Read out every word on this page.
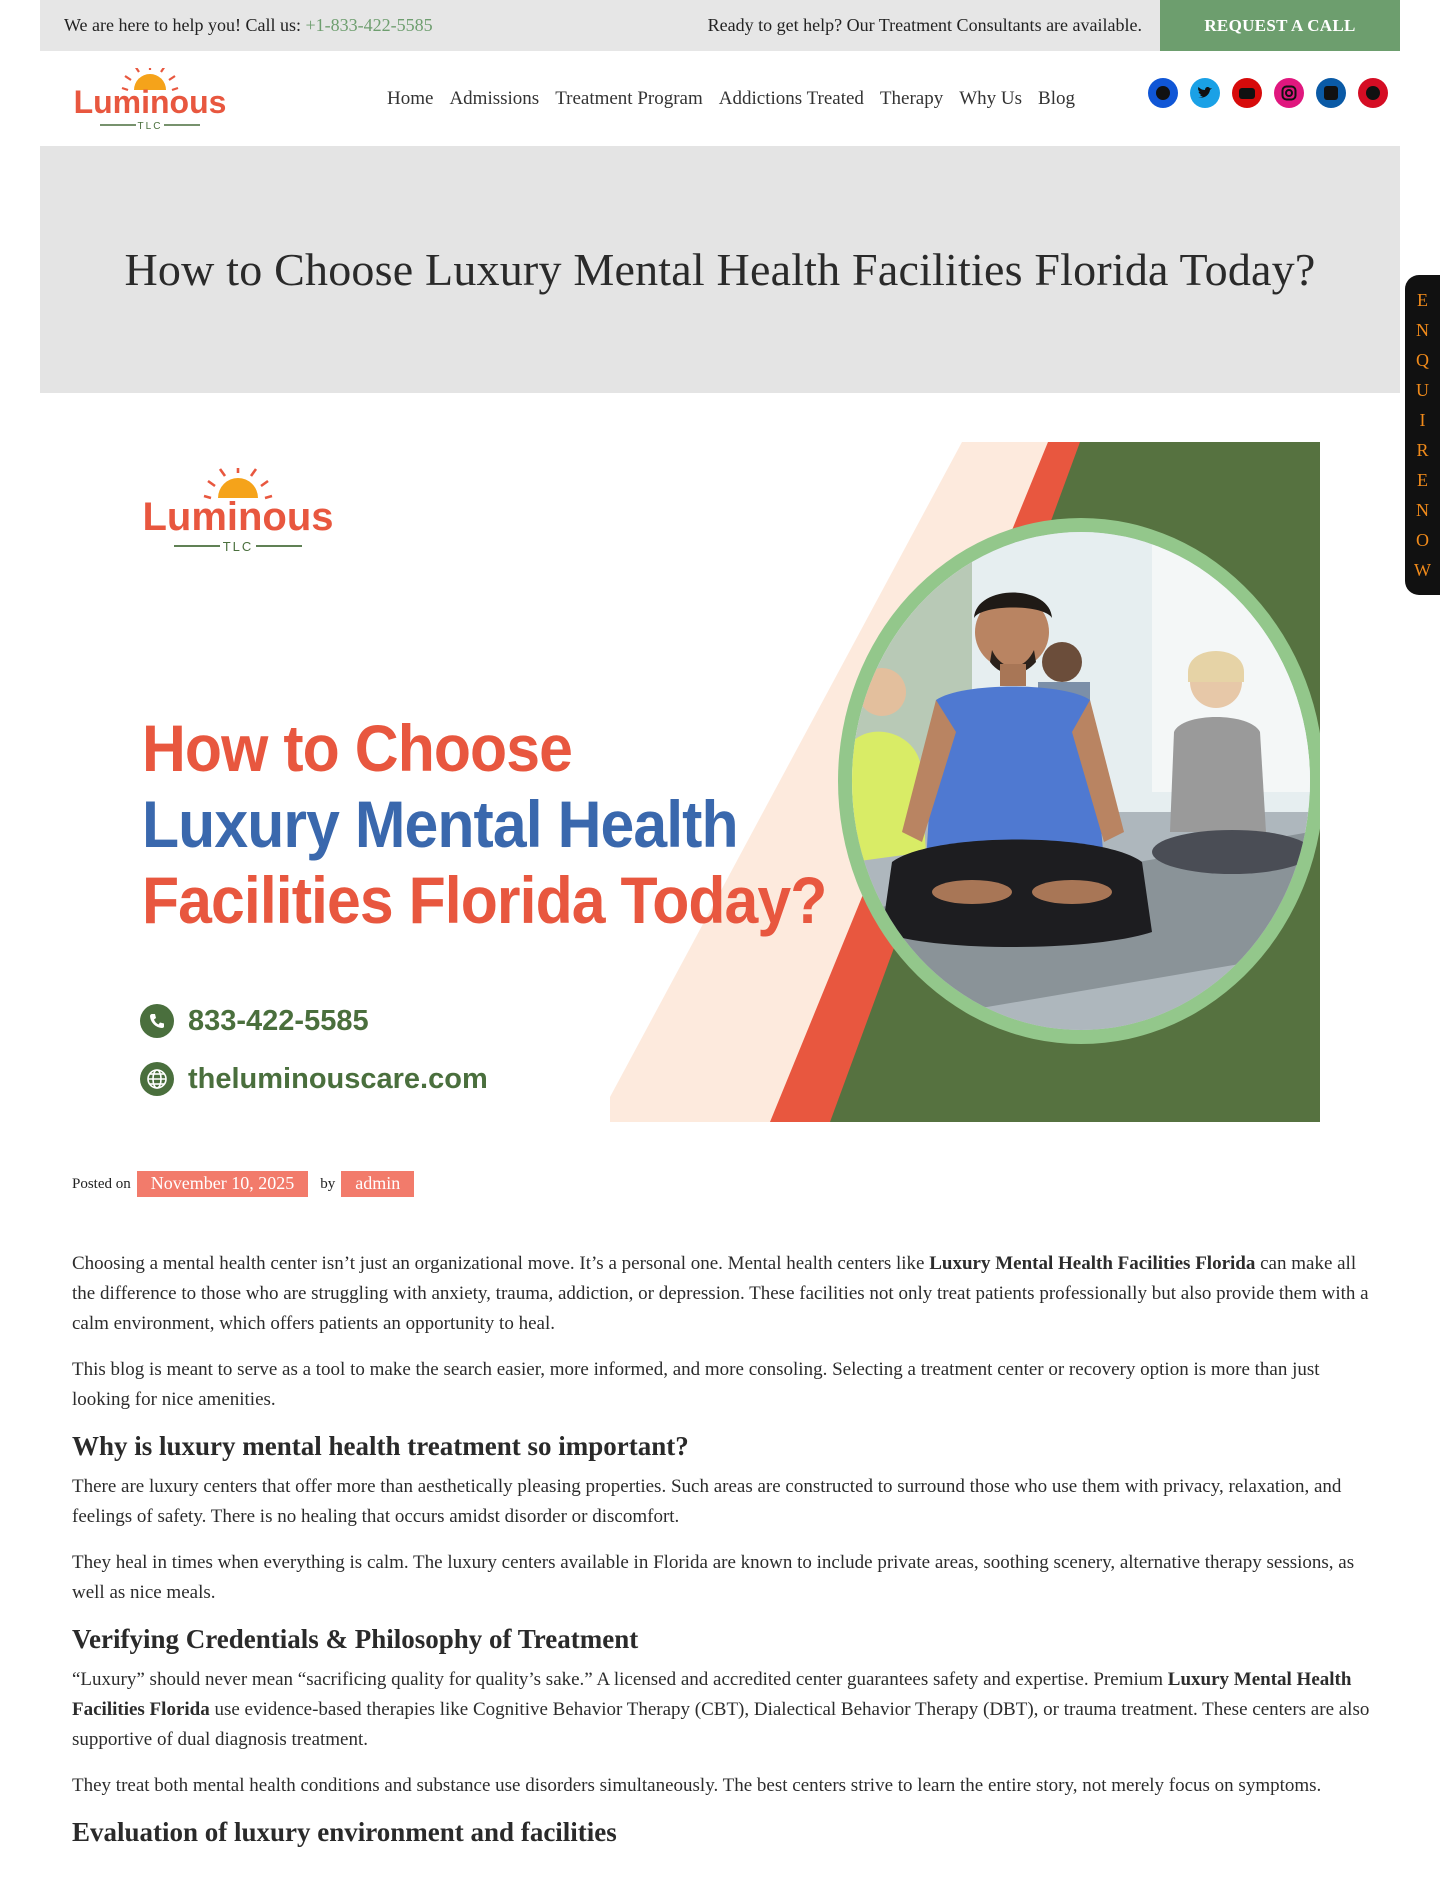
We are here to help you! Call us: +1-833-422-5585	Ready to get help? Our Treatment Consultants are available.	REQUEST A CALL
Luminous
TLC
Home Admissions Treatment Program Addictions Treated Therapy Why Us Blog
How to Choose Luxury Mental Health Facilities Florida Today?
E
N
Q
U
I
R
E
N
O
W
Luminous
TLC
How to Choose
Luxury Mental Health
Facilities Florida Today?
833-422-5585
theluminouscare.com
Posted on	November 10, 2025	by	admin

Choosing a mental health center isn’t just an organizational move. It’s a personal one. Mental health centers like Luxury Mental Health Facilities Florida can make all the difference to those who are struggling with anxiety, trauma, addiction, or depression. These facilities not only treat patients professionally but also provide them with a calm environment, which offers patients an opportunity to heal.

This blog is meant to serve as a tool to make the search easier, more informed, and more consoling. Selecting a treatment center or recovery option is more than just looking for nice amenities.

Why is luxury mental health treatment so important?

There are luxury centers that offer more than aesthetically pleasing properties. Such areas are constructed to surround those who use them with privacy, relaxation, and feelings of safety. There is no healing that occurs amidst disorder or discomfort.

They heal in times when everything is calm. The luxury centers available in Florida are known to include private areas, soothing scenery, alternative therapy sessions, as well as nice meals.

Verifying Credentials & Philosophy of Treatment

“Luxury” should never mean “sacrificing quality for quality’s sake.” A licensed and accredited center guarantees safety and expertise. Premium Luxury Mental Health Facilities Florida use evidence-based therapies like Cognitive Behavior Therapy (CBT), Dialectical Behavior Therapy (DBT), or trauma treatment. These centers are also supportive of dual diagnosis treatment.

They treat both mental health conditions and substance use disorders simultaneously. The best centers strive to learn the entire story, not merely focus on symptoms.

Evaluation of luxury environment and facilities
